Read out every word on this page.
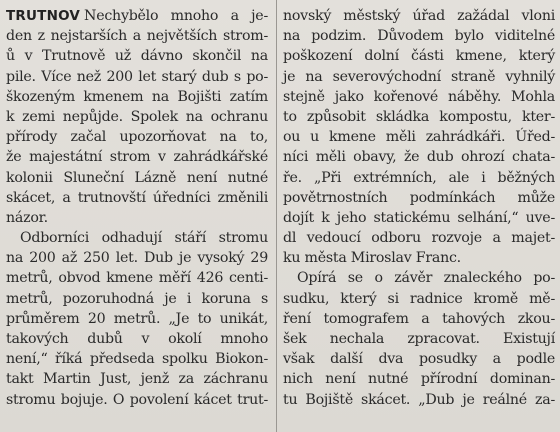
TRUTNOV Nechybělo mnoho a je-
den z nejstarších a největších strom-
ů v Trutnově už dávno skončil na
pile. Více než 200 let starý dub s po-
škozeným kmenem na Bojišti zatím
k zemi nepůjde. Spolek na ochranu
přírody začal upozorňovat na to,
že majestátní strom v zahrádkářské
kolonii Sluneční Lázně není nutné
skácet, a trutnovští úředníci změnili
názor.
Odborníci odhadují stáří stromu
na 200 až 250 let. Dub je vysoký 29
metrů, obvod kmene měří 426 centi-
metrů, pozoruhodná je i koruna s
průměrem 20 metrů. „Je to unikát,
takových dubů v okolí mnoho
není,“ říká předseda spolku Biokon-
takt Martin Just, jenž za záchranu
stromu bojuje. O povolení kácet trut-
novský městský úřad zažádal vloni
na podzim. Důvodem bylo viditelné
poškození dolní části kmene, který
je na severovýchodní straně vyhnilý
stejně jako kořenové náběhy. Mohla
to způsobit skládka kompostu, kter-
ou u kmene měli zahrádkáři. Úřed-
níci měli obavy, že dub ohrozí chata-
ře. „Při extrémních, ale i běžných
povětrnostních podmínkách může
dojít k jeho statickému selhání,“ uve-
dl vedoucí odboru rozvoje a majet-
ku města Miroslav Franc.
Opírá se o závěr znaleckého po-
sudku, který si radnice kromě mě-
ření tomografem a tahových zkou-
šek nechala zpracovat. Existují
však další dva posudky a podle
nich není nutné přírodní dominan-
tu Bojiště skácet. „Dub je reálné za-
